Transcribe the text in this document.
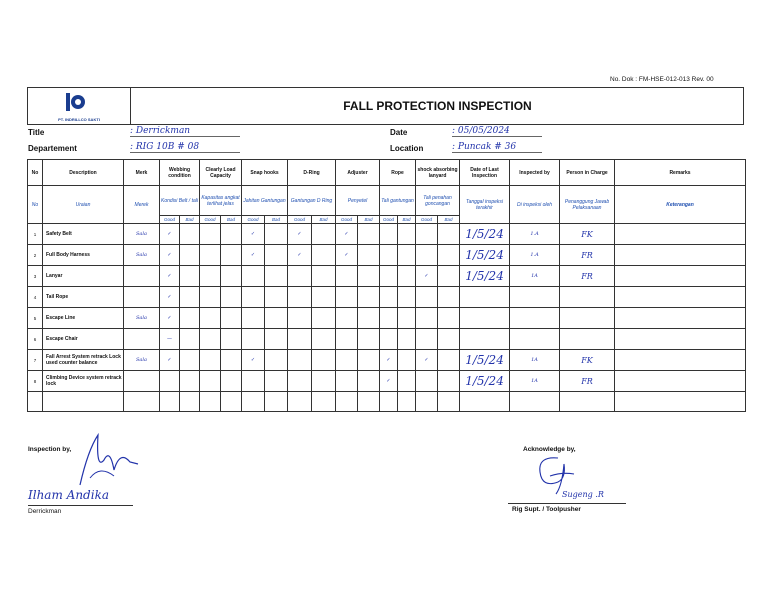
No. Dok : FM-HSE-012-013 Rev. 00
PT. INDRILLCO SAKTI
FALL PROTECTION INSPECTION
Title	: Derrickman
Departement	: RIG 10B # 08
Date	: 05/05/2024
Location	: Puncak # 36
No	Description	Merk	Webbing condition		Clearly Load Capacity		Snap hooks		D-Ring		Adjuster		Rope		shock absorbing lanyard		Date of Last Inspection	Inspected by	Person in Charge	Remarks
No	Uraian	Merek	Kondisi Belt / tali		Kapasitas angkat terlihat jelas		Jahitan Gantungan		Gantungan D Ring		Penyetel		Tali gantungan		Tali penahan goncangan		Tanggal inspeksi terakhir	Di inspeksi oleh	Penanggung Jawab Pelaksanaan	Keterangan
			Good	Bad	Good	Bad	Good	Bad	Good	Bad	Good	Bad	Good	Bad	Good	Bad				
1	Safety Belt	Sala	✓				✓		✓		✓						1/5/24	1.A	FK	
2	Full Body Harness	Sala	✓				✓		✓		✓						1/5/24	1.A	FR	
3	Lanyar		✓												✓		1/5/24	1A	FR	
4	Tail Rope		✓																	
5	Escape Line	Sala	✓																	
6	Escape Chair		—																	
7	Fall Arrest System retrack Lock used counter balance	Sala	✓				✓						✓		✓		1/5/24	1A	FK	
8	Climbing Device system retrack lock												✓				1/5/24	1A	FR	

Inspection by,
Ilham Andika
Derrickman
Acknowledge by,
Sugeng .R
Rig Supt. / Toolpusher
